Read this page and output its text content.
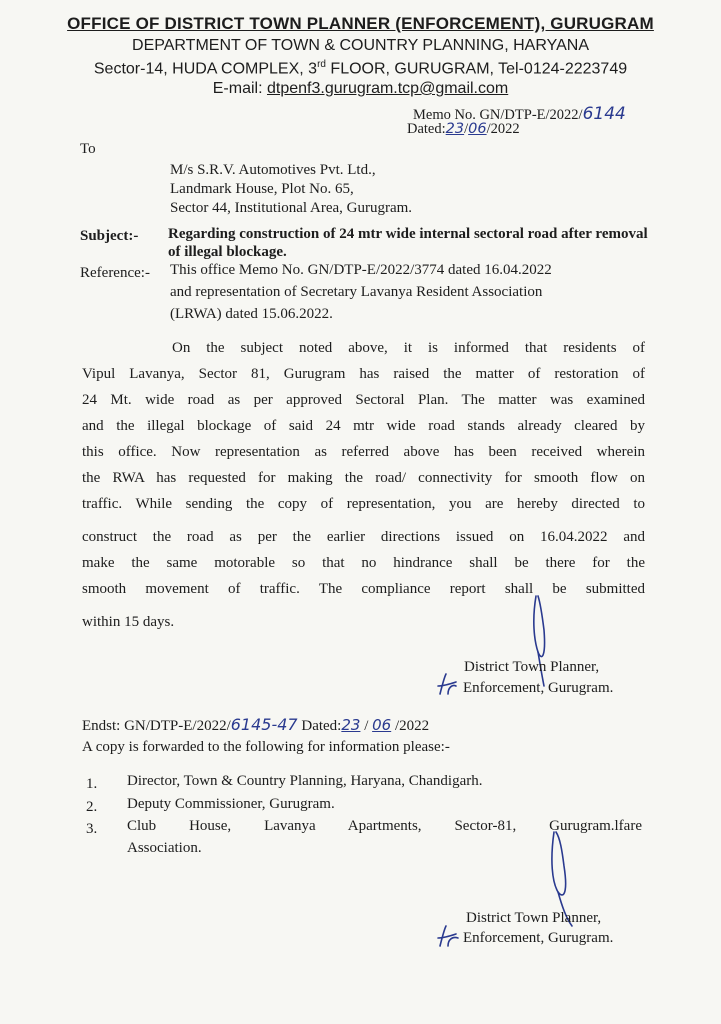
OFFICE OF DISTRICT TOWN PLANNER (ENFORCEMENT), GURUGRAM
DEPARTMENT OF TOWN & COUNTRY PLANNING, HARYANA
Sector-14, HUDA COMPLEX, 3rd FLOOR, GURUGRAM, Tel-0124-2223749
E-mail: dtpenf3.gurugram.tcp@gmail.com
Memo No. GN/DTP-E/2022/6144
Dated:23/06/2022
To
M/s S.R.V. Automotives Pvt. Ltd.,
Landmark House, Plot No. 65,
Sector 44, Institutional Area, Gurugram.
Subject:- Regarding construction of 24 mtr wide internal sectoral road after removal of illegal blockage.
Reference:- This office Memo No. GN/DTP-E/2022/3774 dated 16.04.2022
and representation of Secretary Lavanya Resident Association
(LRWA) dated 15.06.2022.
On the subject noted above, it is informed that residents of
Vipul Lavanya, Sector 81, Gurugram has raised the matter of restoration of
24 Mt. wide road as per approved Sectoral Plan. The matter was examined
and the illegal blockage of said 24 mtr wide road stands already cleared by
this office. Now representation as referred above has been received wherein
the RWA has requested for making the road/ connectivity for smooth flow on
traffic. While sending the copy of representation, you are hereby directed to
construct the road as per the earlier directions issued on 16.04.2022 and
make the same motorable so that no hindrance shall be there for the
smooth movement of traffic. The compliance report shall be submitted
within 15 days.
District Town Planner,
Enforcement, Gurugram.
Endst: GN/DTP-E/2022/6145-47 Dated:23 / 06 /2022
A copy is forwarded to the following for information please:-
1. Director, Town & Country Planning, Haryana, Chandigarh.
2. Deputy Commissioner, Gurugram.
3. Club House, Lavanya Apartments, Sector-81, Gurugram.lfare
Association.
District Town Planner,
Enforcement, Gurugram.
